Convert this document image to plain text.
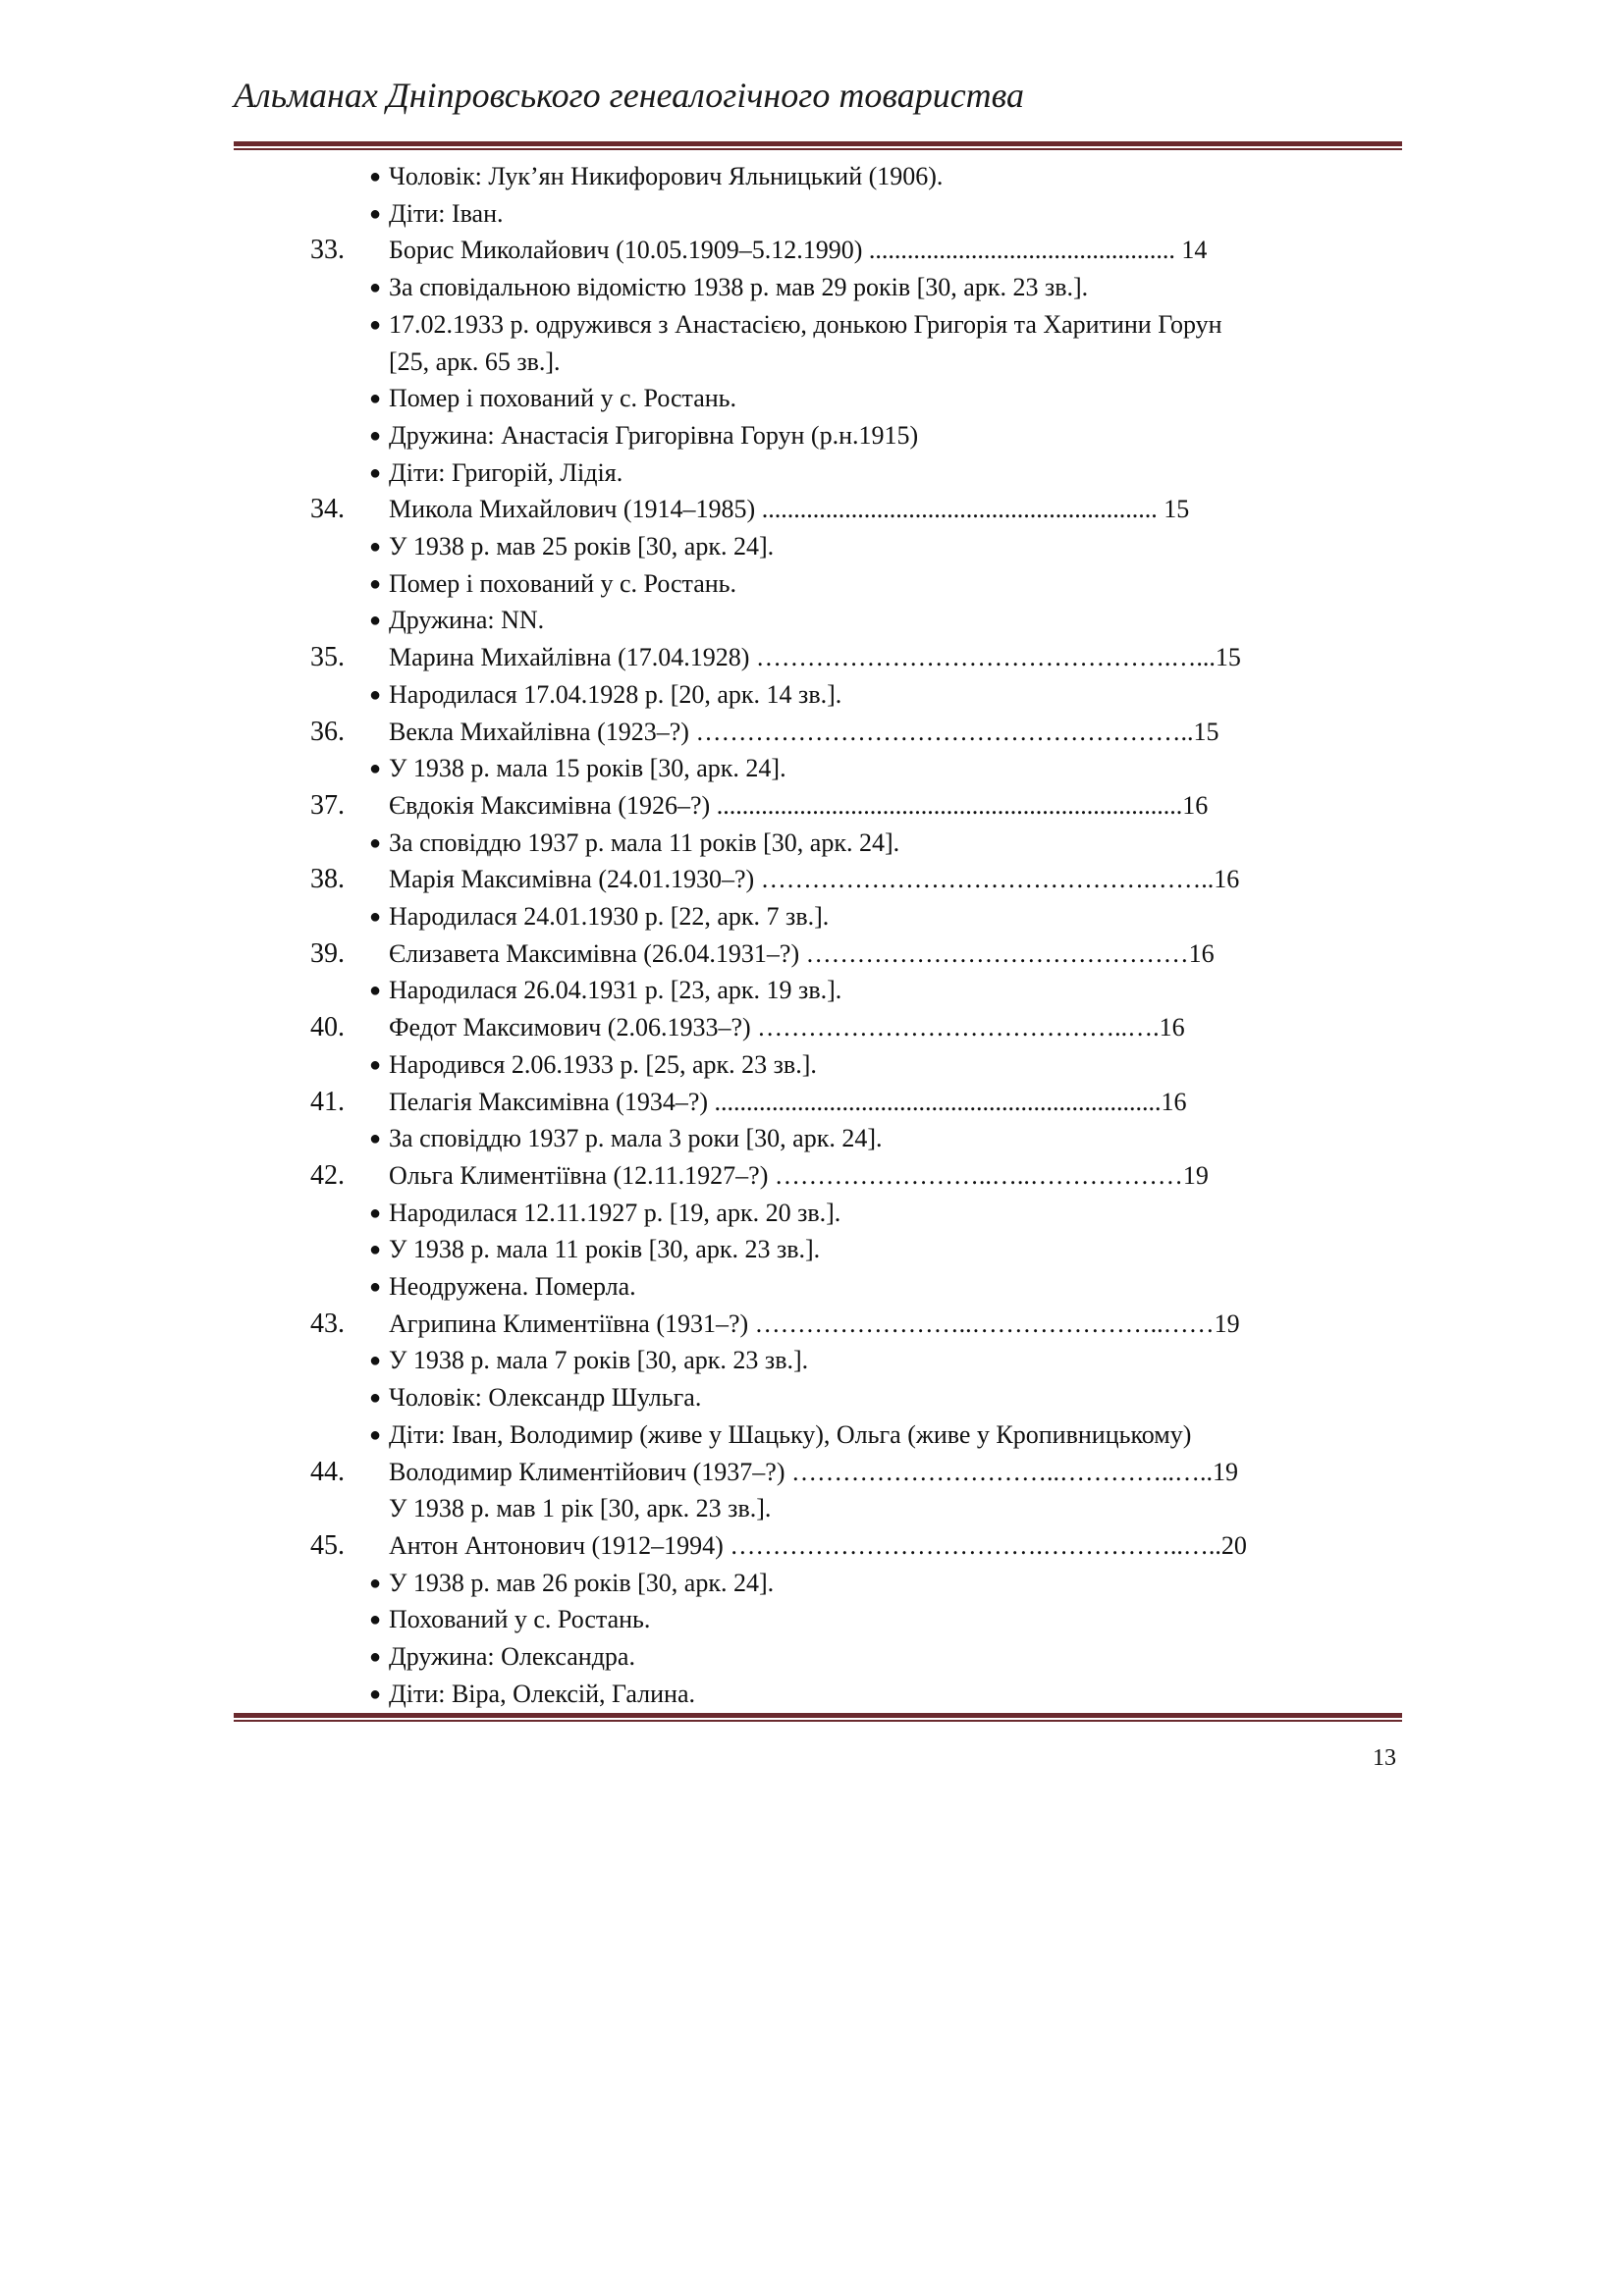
Альманах Дніпровського генеалогічного товариства
● Чоловік: Лук’ян Никифорович Яльницький (1906).
● Діти: Іван.
33. Борис Миколайович (10.05.1909–5.12.1990) ................................................ 14
● За сповідальною відомістю 1938 р. мав 29 років [30, арк. 23 зв.].
● 17.02.1933 р. одружився з Анастасією, донькою Григорія та Харитини Горун
[25, арк. 65 зв.].
● Помер і похований у с. Ростань.
● Дружина: Анастасія Григорівна Горун (р.н.1915)
● Діти: Григорій, Лідія.
34. Микола Михайлович (1914–1985) .............................................................. 15
● У 1938 р. мав 25 років [30, арк. 24].
● Помер і похований у с. Ростань.
● Дружина: NN.
35. Марина Михайлівна (17.04.1928) ………………………………………….…...15
● Народилася 17.04.1928 р. [20, арк. 14 зв.].
36. Векла Михайлівна (1923–?) …………………………………………………..15
● У 1938 р. мала 15 років [30, арк. 24].
37. Євдокія Максимівна (1926–?) .........................................................................16
● За сповіддю 1937 р. мала 11 років [30, арк. 24].
38. Марія Максимівна (24.01.1930–?) ……………………………………….……..16
● Народилася 24.01.1930 р. [22, арк. 7 зв.].
39. Єлизавета Максимівна (26.04.1931–?) ………………………………………16
● Народилася 26.04.1931 р. [23, арк. 19 зв.].
40. Федот Максимович (2.06.1933–?) ……………………………………..….16
● Народився 2.06.1933 р. [25, арк. 23 зв.].
41. Пелагія Максимівна (1934–?) ......................................................................16
● За сповіддю 1937 р. мала 3 роки [30, арк. 24].
42. Ольга Климентіївна (12.11.1927–?) ……………………..…..………………19
● Народилася 12.11.1927 р. [19, арк. 20 зв.].
● У 1938 р. мала 11 років [30, арк. 23 зв.].
● Неодружена. Померла.
43. Агрипина Климентіївна (1931–?) ……………………..…………………..……19
● У 1938 р. мала 7 років [30, арк. 23 зв.].
● Чоловік: Олександр Шульга.
● Діти: Іван, Володимир (живе у Шацьку), Ольга (живе у Кропивницькому)
44. Володимир Климентійович (1937–?) …………………………..…………..…..19
У 1938 р. мав 1 рік [30, арк. 23 зв.].
45. Антон Антонович (1912–1994) ……………………………….……………..…..20
● У 1938 р. мав 26 років [30, арк. 24].
● Похований у с. Ростань.
● Дружина: Олександра.
● Діти: Віра, Олексій, Галина.
13
